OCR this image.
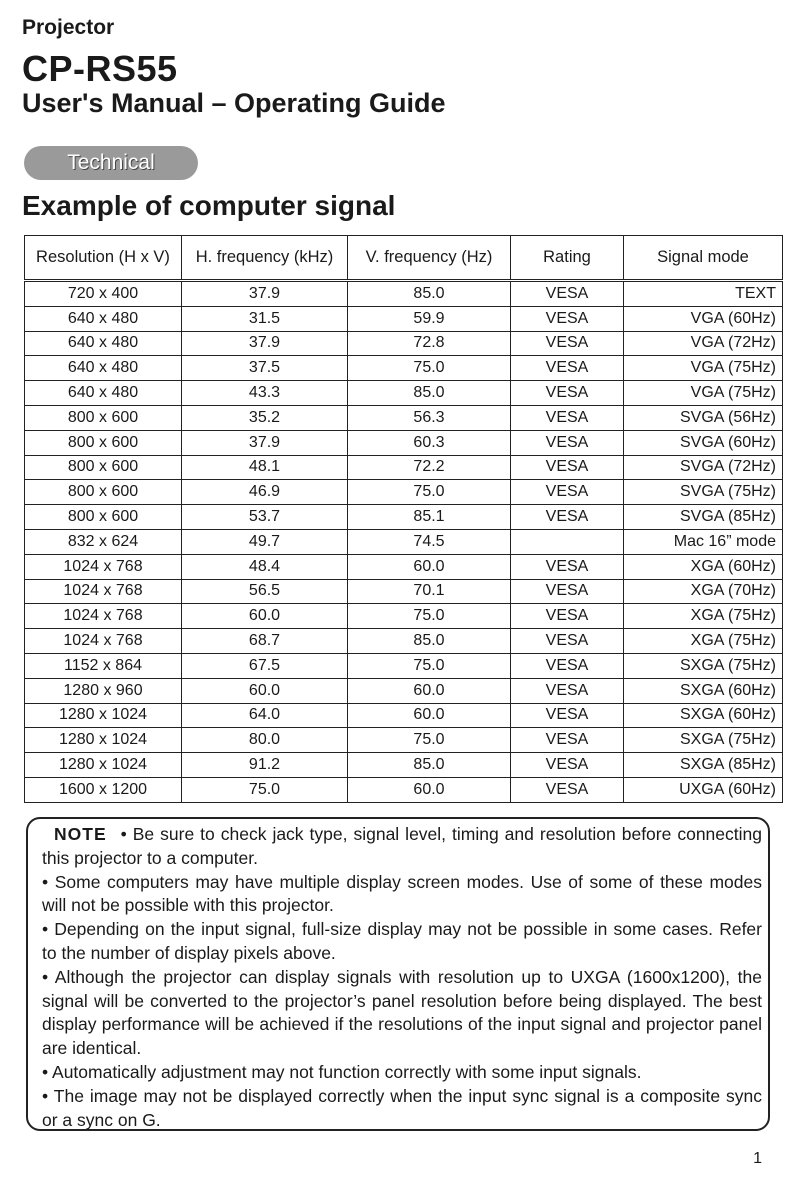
Projector
CP-RS55
User's Manual – Operating Guide
Technical
Example of computer signal
Resolution (H x V)	H. frequency (kHz)	V. frequency (Hz)	Rating	Signal mode
720 x 400	37.9	85.0	VESA	TEXT
640 x 480	31.5	59.9	VESA	VGA (60Hz)
640 x 480	37.9	72.8	VESA	VGA (72Hz)
640 x 480	37.5	75.0	VESA	VGA (75Hz)
640 x 480	43.3	85.0	VESA	VGA (75Hz)
800 x 600	35.2	56.3	VESA	SVGA (56Hz)
800 x 600	37.9	60.3	VESA	SVGA (60Hz)
800 x 600	48.1	72.2	VESA	SVGA (72Hz)
800 x 600	46.9	75.0	VESA	SVGA (75Hz)
800 x 600	53.7	85.1	VESA	SVGA (85Hz)
832 x 624	49.7	74.5		Mac 16” mode
1024 x 768	48.4	60.0	VESA	XGA (60Hz)
1024 x 768	56.5	70.1	VESA	XGA (70Hz)
1024 x 768	60.0	75.0	VESA	XGA (75Hz)
1024 x 768	68.7	85.0	VESA	XGA (75Hz)
1152 x 864	67.5	75.0	VESA	SXGA (75Hz)
1280 x 960	60.0	60.0	VESA	SXGA (60Hz)
1280 x 1024	64.0	60.0	VESA	SXGA (60Hz)
1280 x 1024	80.0	75.0	VESA	SXGA (75Hz)
1280 x 1024	91.2	85.0	VESA	SXGA (85Hz)
1600 x 1200	75.0	60.0	VESA	UXGA (60Hz)

NOTE • Be sure to check jack type, signal level, timing and resolution before connecting this projector to a computer.

• Some computers may have multiple display screen modes. Use of some of these modes will not be possible with this projector.

• Depending on the input signal, full-size display may not be possible in some cases. Refer to the number of display pixels above.

• Although the projector can display signals with resolution up to UXGA (1600x1200), the signal will be converted to the projector’s panel resolution before being displayed. The best display performance will be achieved if the resolutions of the input signal and projector panel are identical.

• Automatically adjustment may not function correctly with some input signals.

• The image may not be displayed correctly when the input sync signal is a composite sync or a sync on G.

1
